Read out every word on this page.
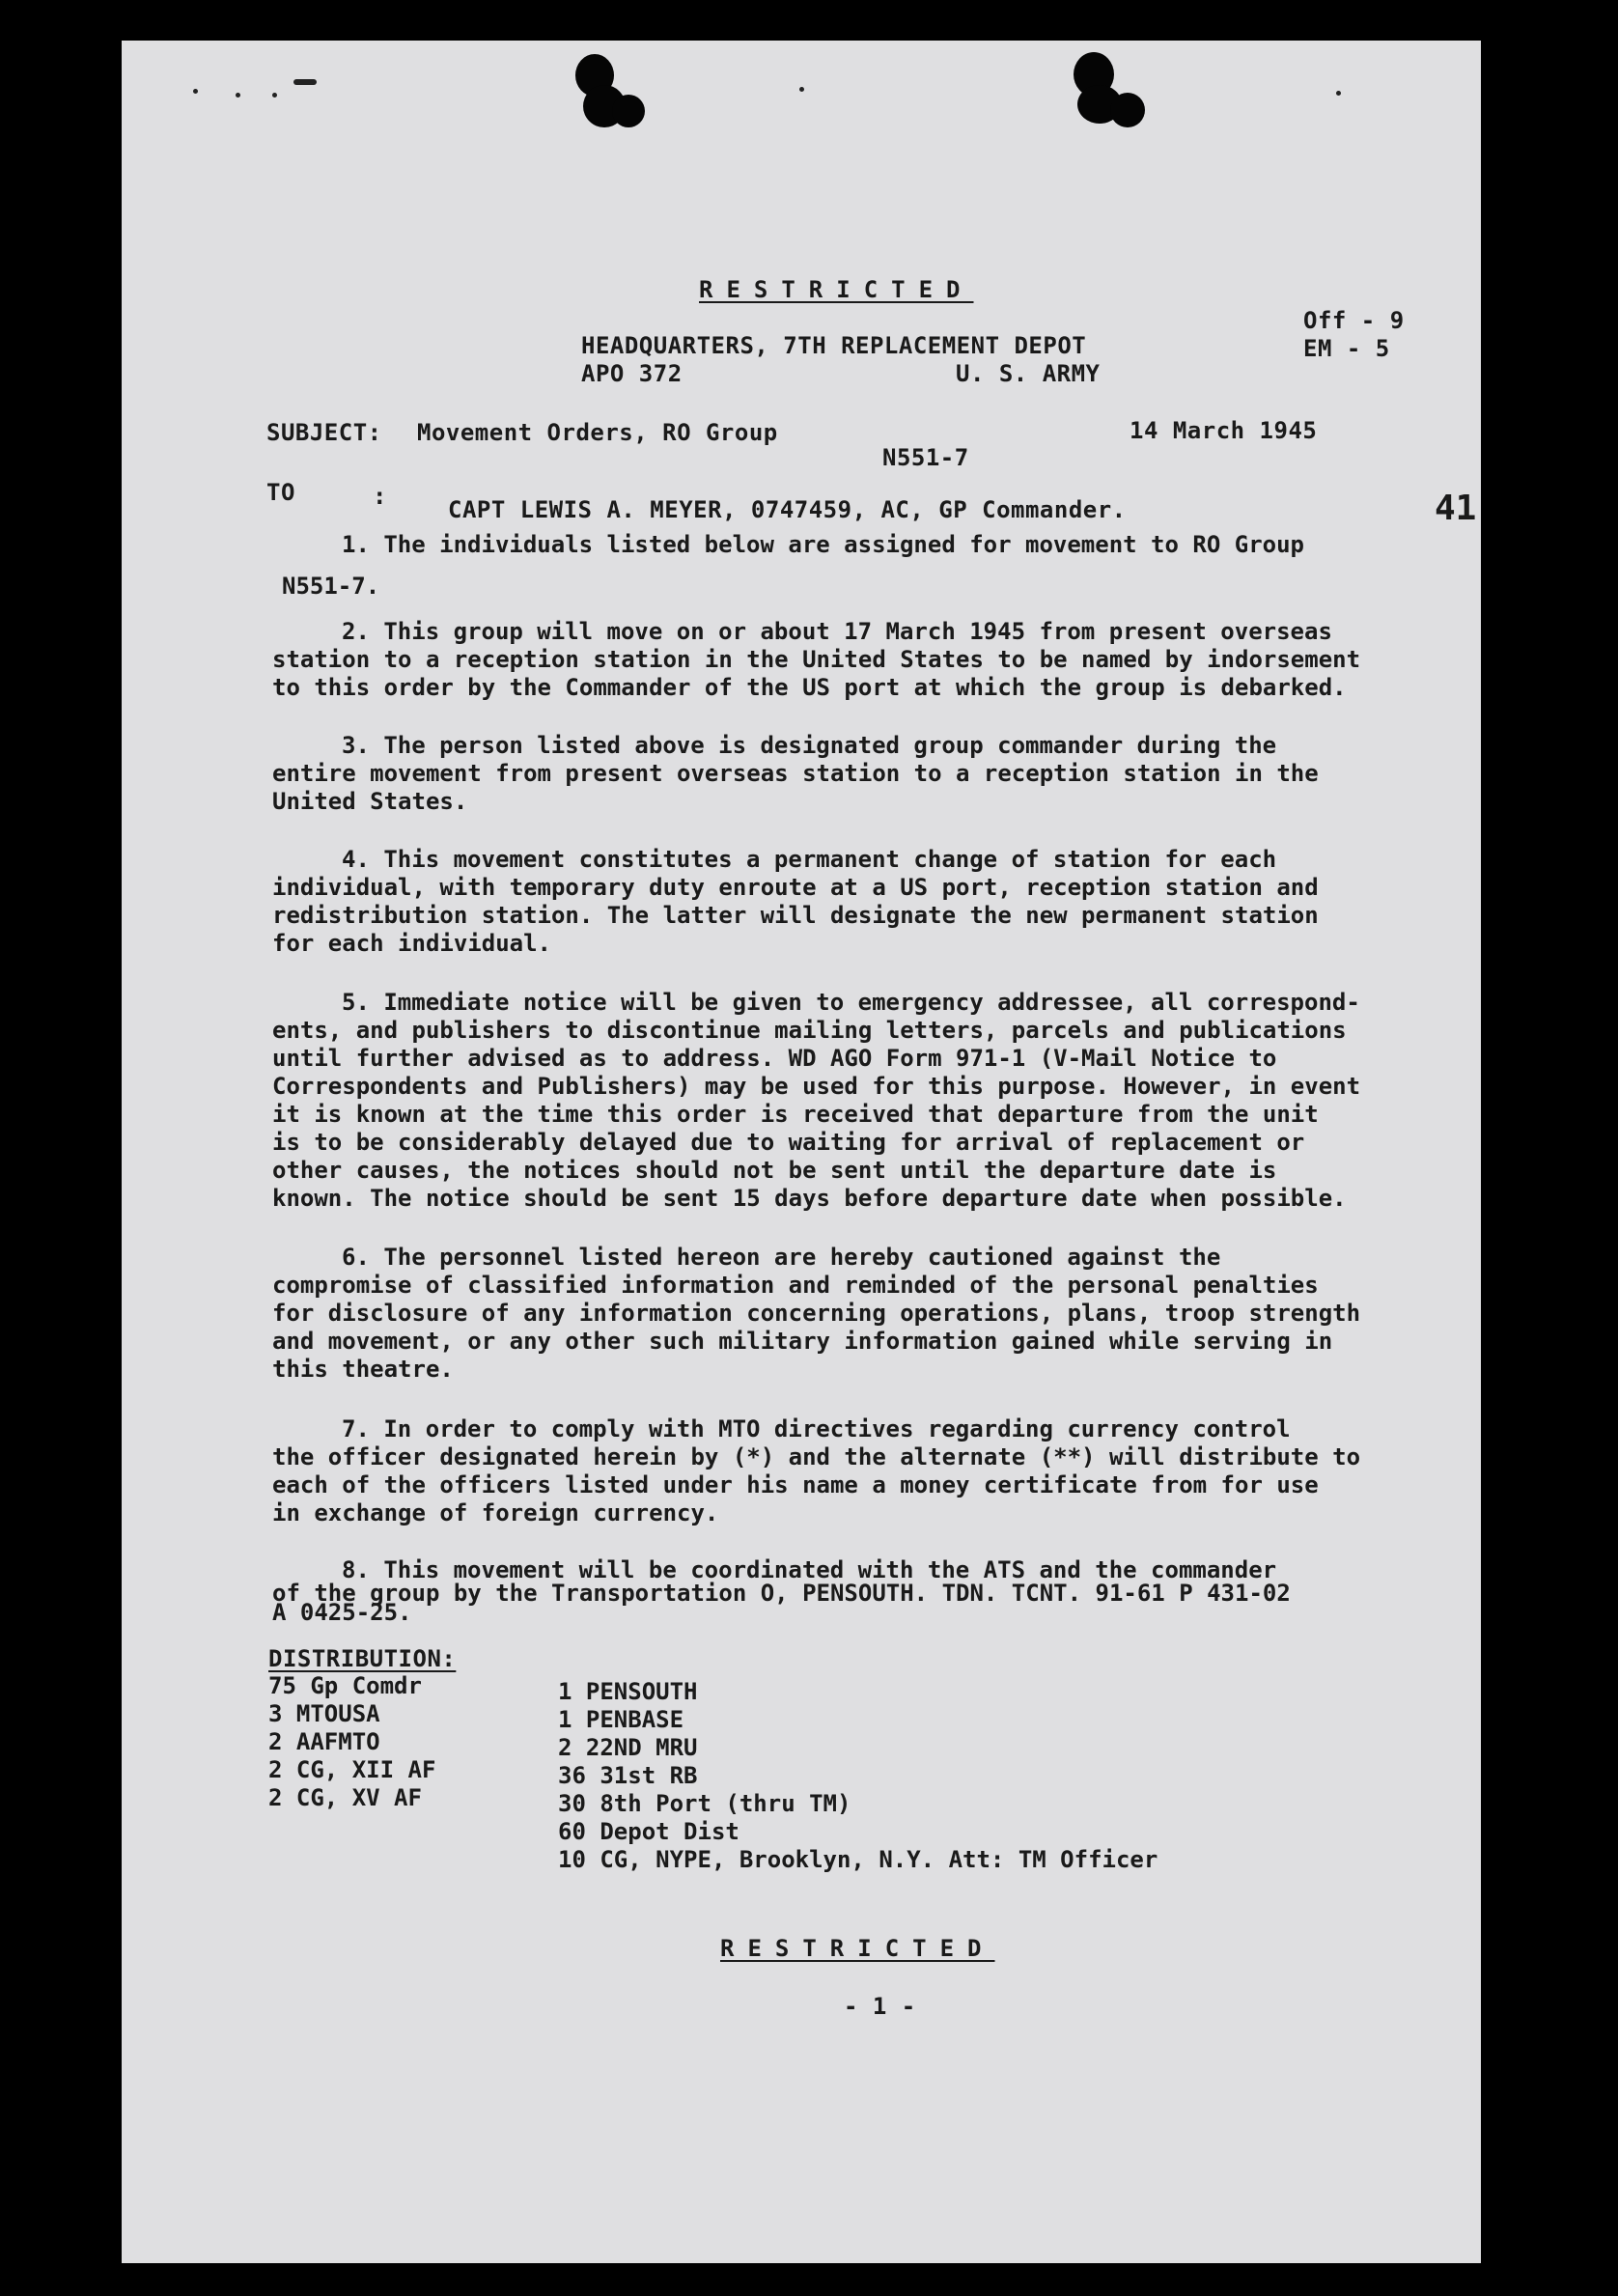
RESTRICTED
HEADQUARTERS, 7TH REPLACEMENT DEPOT
APO 372	U. S. ARMY
Off - 9
EM - 5
SUBJECT: Movement Orders, RO Group	14 March 1945
N551-7
TO	:	CAPT LEWIS A. MEYER, 0747459, AC, GP Commander.	41
1. The individuals listed below are assigned for movement to RO Group
N551-7.
2. This group will move on or about 17 March 1945 from present overseas
station to a reception station in the United States to be named by indorsement
to this order by the Commander of the US port at which the group is debarked.
3. The person listed above is designated group commander during the
entire movement from present overseas station to a reception station in the
United States.
4. This movement constitutes a permanent change of station for each
individual, with temporary duty enroute at a US port, reception station and
redistribution station. The latter will designate the new permanent station
for each individual.
5. Immediate notice will be given to emergency addressee, all correspond-
ents, and publishers to discontinue mailing letters, parcels and publications
until further advised as to address. WD AGO Form 971-1 (V-Mail Notice to
Correspondents and Publishers) may be used for this purpose. However, in event
it is known at the time this order is received that departure from the unit
is to be considerably delayed due to waiting for arrival of replacement or
other causes, the notices should not be sent until the departure date is
known. The notice should be sent 15 days before departure date when possible.
6. The personnel listed hereon are hereby cautioned against the
compromise of classified information and reminded of the personal penalties
for disclosure of any information concerning operations, plans, troop strength
and movement, or any other such military information gained while serving in
this theatre.
7. In order to comply with MTO directives regarding currency control
the officer designated herein by (*) and the alternate (**) will distribute to
each of the officers listed under his name a money certificate from for use
in exchange of foreign currency.
8. This movement will be coordinated with the ATS and the commander
of the group by the Transportation O, PENSOUTH. TDN. TCNT. 91-61 P 431-02
A 0425-25.
DISTRIBUTION:
75 Gp Comdr
3 MTOUSA
2 AAFMTO
2 CG, XII AF
2 CG, XV AF
1 PENSOUTH
1 PENBASE
2 22ND MRU
36 31st RB
30 8th Port (thru TM)
60 Depot Dist
10 CG, NYPE, Brooklyn, N.Y. Att: TM Officer
RESTRICTED
- 1 -
